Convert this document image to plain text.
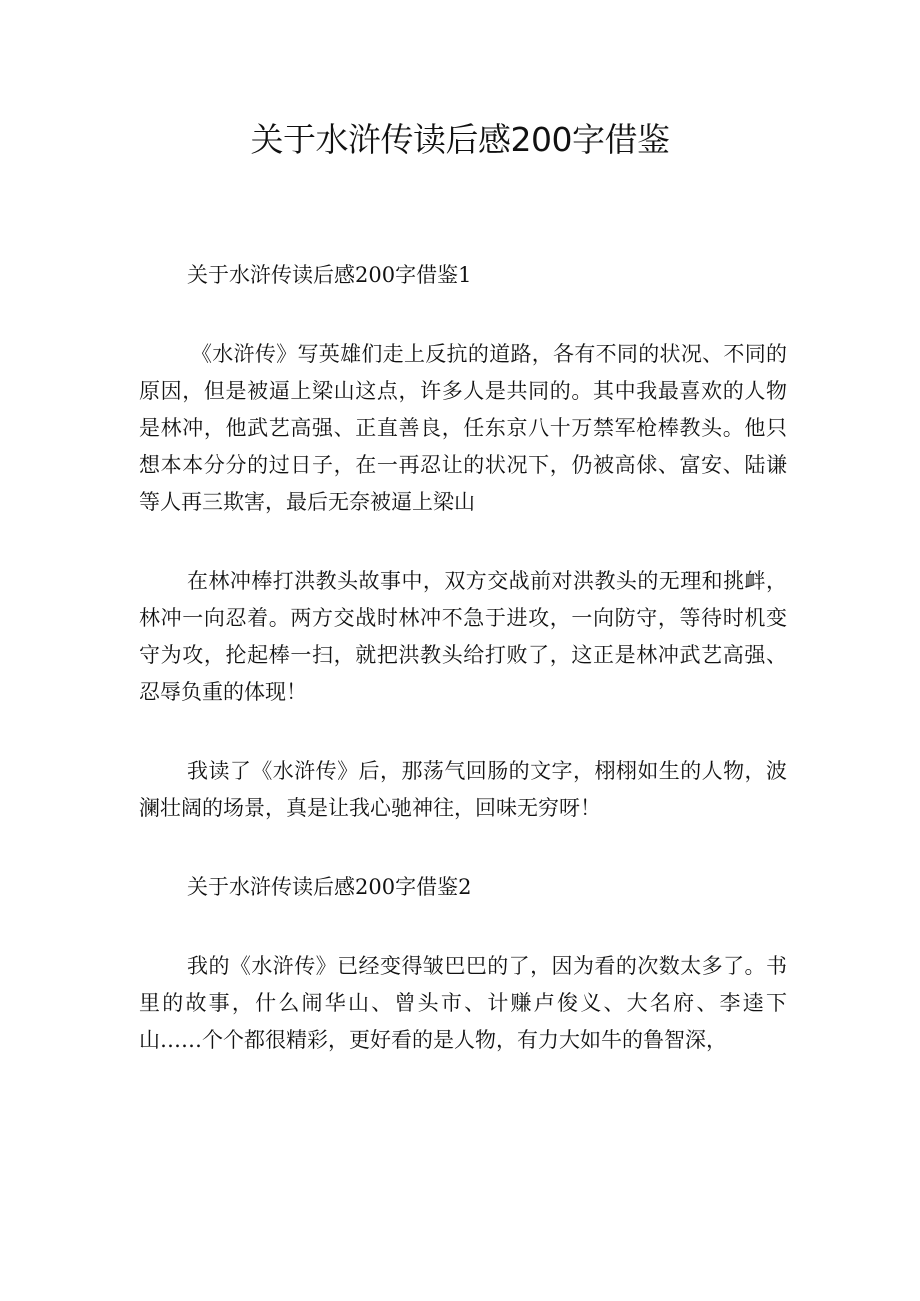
关于水浒传读后感200字借鉴
关于水浒传读后感200字借鉴1

《水浒传》写英雄们走上反抗的道路，各有不同的状况、不同的原因，但是被逼上梁山这点，许多人是共同的。其中我最喜欢的人物是林冲，他武艺高强、正直善良，任东京八十万禁军枪棒教头。他只想本本分分的过日子，在一再忍让的状况下，仍被高俅、富安、陆谦等人再三欺害，最后无奈被逼上梁山

在林冲棒打洪教头故事中，双方交战前对洪教头的无理和挑衅，林冲一向忍着。两方交战时林冲不急于进攻，一向防守，等待时机变守为攻，抡起棒一扫，就把洪教头给打败了，这正是林冲武艺高强、忍辱负重的体现！

我读了《水浒传》后，那荡气回肠的文字，栩栩如生的人物，波澜壮阔的场景，真是让我心驰神往，回味无穷呀！

关于水浒传读后感200字借鉴2

我的《水浒传》已经变得皱巴巴的了，因为看的次数太多了。书里的故事，什么闹华山、曾头市、计赚卢俊义、大名府、李逵下山……个个都很精彩，更好看的是人物，有力大如牛的鲁智深，
